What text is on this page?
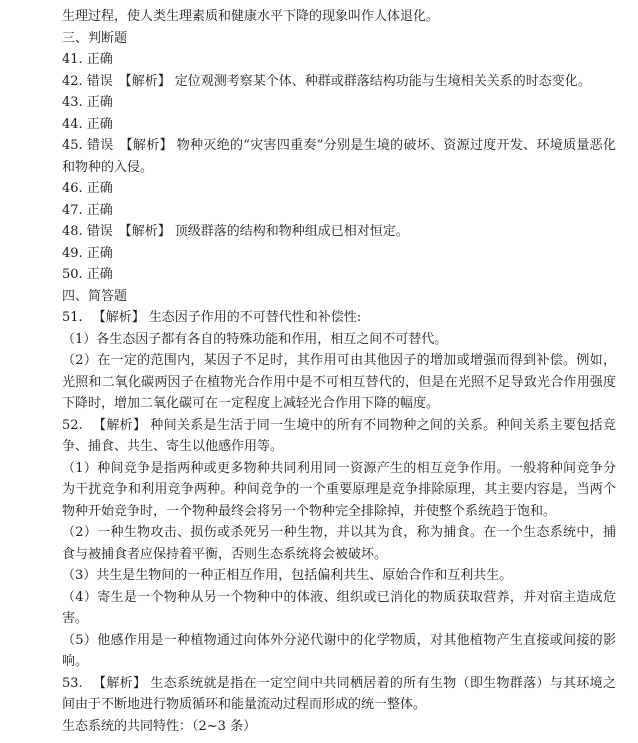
生理过程，使人类生理素质和健康水平下降的现象叫作人体退化。
三、判断题
41. 正确
42. 错误 【解析】 定位观测考察某个体、种群或群落结构功能与生境相关关系的时态变化。
43. 正确
44. 正确
45. 错误 【解析】 物种灭绝的“灾害四重奏”分别是生境的破坏、资源过度开发、环境质量恶化和物种的入侵。
46. 正确
47. 正确
48. 错误 【解析】 顶级群落的结构和物种组成已相对恒定。
49. 正确
50. 正确
四、简答题
51. 【解析】 生态因子作用的不可替代性和补偿性:
（1）各生态因子都有各自的特殊功能和作用，相互之间不可替代。
（2）在一定的范围内，某因子不足时，其作用可由其他因子的增加或增强而得到补偿。例如，光照和二氧化碳两因子在植物光合作用中是不可相互替代的，但是在光照不足导致光合作用强度下降时，增加二氧化碳可在一定程度上减轻光合作用下降的幅度。
52. 【解析】 种间关系是生活于同一生境中的所有不同物种之间的关系。种间关系主要包括竞争、捕食、共生、寄生以他感作用等。
（1）种间竞争是指两种或更多物种共同利用同一资源产生的相互竞争作用。一般将种间竞争分为干扰竞争和利用竞争两种。种间竞争的一个重要原理是竞争排除原理，其主要内容是，当两个物种开始竞争时，一个物种最终会将另一个物种完全排除掉，并使整个系统趋于饱和。
（2）一种生物攻击、损伤或杀死另一种生物，并以其为食，称为捕食。在一个生态系统中，捕食与被捕食者应保持着平衡，否则生态系统将会被破坏。
（3）共生是生物间的一种正相互作用，包括偏利共生、原始合作和互利共生。
（4）寄生是一个物种从另一个物种中的体液、组织或已消化的物质获取营养，并对宿主造成危害。
（5）他感作用是一种植物通过向体外分泌代谢中的化学物质，对其他植物产生直接或间接的影响。
53. 【解析】 生态系统就是指在一定空间中共同栖居着的所有生物（即生物群落）与其环境之间由于不断地进行物质循环和能量流动过程而形成的统一整体。
生态系统的共同特性：（2~3 条）
